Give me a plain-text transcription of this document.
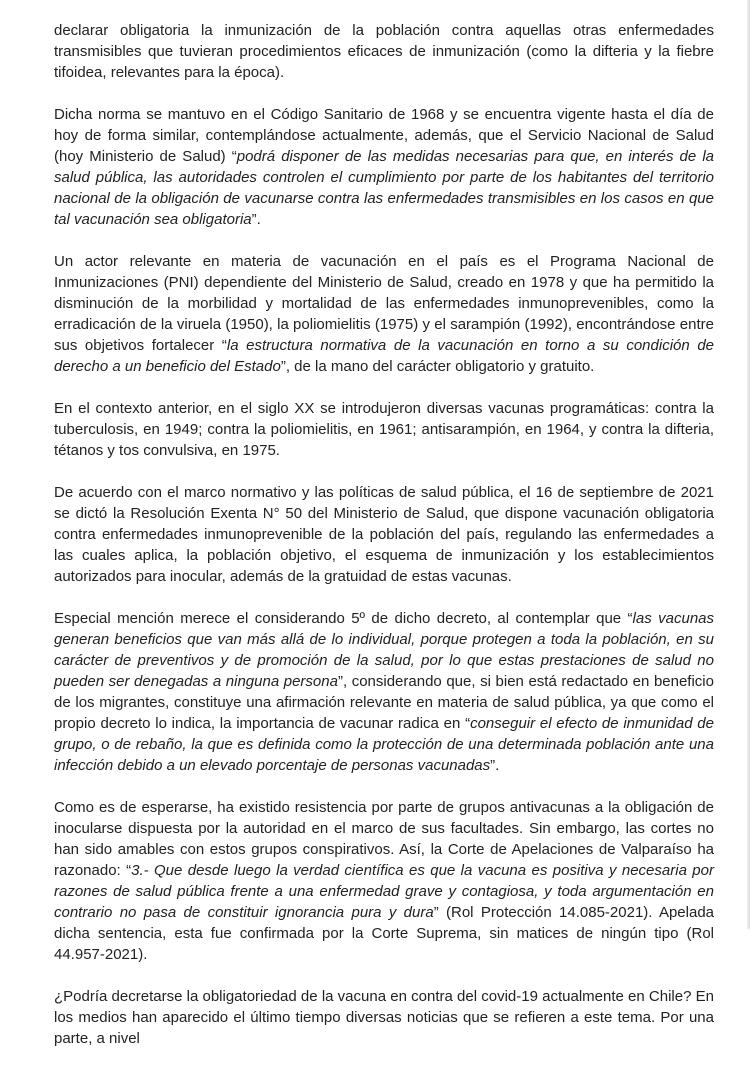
declarar obligatoria la inmunización de la población contra aquellas otras enfermedades transmisibles que tuvieran procedimientos eficaces de inmunización (como la difteria y la fiebre tifoidea, relevantes para la época).

Dicha norma se mantuvo en el Código Sanitario de 1968 y se encuentra vigente hasta el día de hoy de forma similar, contemplándose actualmente, además, que el Servicio Nacional de Salud (hoy Ministerio de Salud) “podrá disponer de las medidas necesarias para que, en interés de la salud pública, las autoridades controlen el cumplimiento por parte de los habitantes del territorio nacional de la obligación de vacunarse contra las enfermedades transmisibles en los casos en que tal vacunación sea obligatoria”.

Un actor relevante en materia de vacunación en el país es el Programa Nacional de Inmunizaciones (PNI) dependiente del Ministerio de Salud, creado en 1978 y que ha permitido la disminución de la morbilidad y mortalidad de las enfermedades inmunoprevenibles, como la erradicación de la viruela (1950), la poliomielitis (1975) y el sarampión (1992), encontrándose entre sus objetivos fortalecer “la estructura normativa de la vacunación en torno a su condición de derecho a un beneficio del Estado”, de la mano del carácter obligatorio y gratuito.

En el contexto anterior, en el siglo XX se introdujeron diversas vacunas programáticas: contra la tuberculosis, en 1949; contra la poliomielitis, en 1961; antisarampión, en 1964, y contra la difteria, tétanos y tos convulsiva, en 1975.

De acuerdo con el marco normativo y las políticas de salud pública, el 16 de septiembre de 2021 se dictó la Resolución Exenta N° 50 del Ministerio de Salud, que dispone vacunación obligatoria contra enfermedades inmunoprevenible de la población del país, regulando las enfermedades a las cuales aplica, la población objetivo, el esquema de inmunización y los establecimientos autorizados para inocular, además de la gratuidad de estas vacunas.

Especial mención merece el considerando 5º de dicho decreto, al contemplar que “las vacunas generan beneficios que van más allá de lo individual, porque protegen a toda la población, en su carácter de preventivos y de promoción de la salud, por lo que estas prestaciones de salud no pueden ser denegadas a ninguna persona”, considerando que, si bien está redactado en beneficio de los migrantes, constituye una afirmación relevante en materia de salud pública, ya que como el propio decreto lo indica, la importancia de vacunar radica en “conseguir el efecto de inmunidad de grupo, o de rebaño, la que es definida como la protección de una determinada población ante una infección debido a un elevado porcentaje de personas vacunadas”.

Como es de esperarse, ha existido resistencia por parte de grupos antivacunas a la obligación de inocularse dispuesta por la autoridad en el marco de sus facultades. Sin embargo, las cortes no han sido amables con estos grupos conspirativos. Así, la Corte de Apelaciones de Valparaíso ha razonado: “3.- Que desde luego la verdad científica es que la vacuna es positiva y necesaria por razones de salud pública frente a una enfermedad grave y contagiosa, y toda argumentación en contrario no pasa de constituir ignorancia pura y dura” (Rol Protección 14.085-2021). Apelada dicha sentencia, esta fue confirmada por la Corte Suprema, sin matices de ningún tipo (Rol 44.957-2021).

¿Podría decretarse la obligatoriedad de la vacuna en contra del covid-19 actualmente en Chile? En los medios han aparecido el último tiempo diversas noticias que se refieren a este tema. Por una parte, a nivel
